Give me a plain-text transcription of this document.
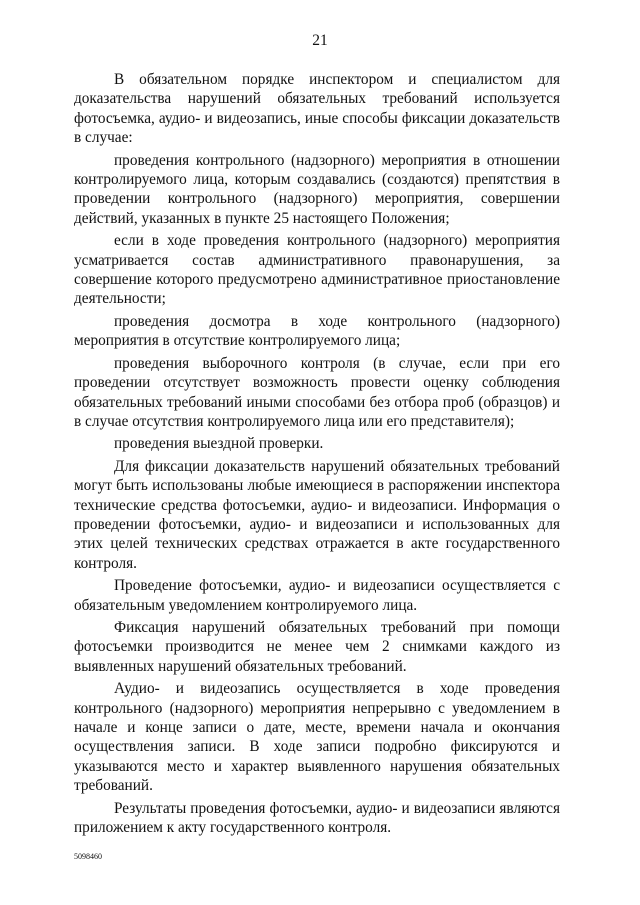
21

В обязательном порядке инспектором и специалистом для доказательства нарушений обязательных требований используется фотосъемка, аудио- и видеозапись, иные способы фиксации доказательств в случае:

проведения контрольного (надзорного) мероприятия в отношении контролируемого лица, которым создавались (создаются) препятствия в проведении контрольного (надзорного) мероприятия, совершении действий, указанных в пункте 25 настоящего Положения;

если в ходе проведения контрольного (надзорного) мероприятия усматривается состав административного правонарушения, за совершение которого предусмотрено административное приостановление деятельности;

проведения досмотра в ходе контрольного (надзорного) мероприятия в отсутствие контролируемого лица;

проведения выборочного контроля (в случае, если при его проведении отсутствует возможность провести оценку соблюдения обязательных требований иными способами без отбора проб (образцов) и в случае отсутствия контролируемого лица или его представителя);

проведения выездной проверки.

Для фиксации доказательств нарушений обязательных требований могут быть использованы любые имеющиеся в распоряжении инспектора технические средства фотосъемки, аудио- и видеозаписи. Информация о проведении фотосъемки, аудио- и видеозаписи и использованных для этих целей технических средствах отражается в акте государственного контроля.

Проведение фотосъемки, аудио- и видеозаписи осуществляется с обязательным уведомлением контролируемого лица.

Фиксация нарушений обязательных требований при помощи фотосъемки производится не менее чем 2 снимками каждого из выявленных нарушений обязательных требований.

Аудио- и видеозапись осуществляется в ходе проведения контрольного (надзорного) мероприятия непрерывно с уведомлением в начале и конце записи о дате, месте, времени начала и окончания осуществления записи. В ходе записи подробно фиксируются и указываются место и характер выявленного нарушения обязательных требований.

Результаты проведения фотосъемки, аудио- и видеозаписи являются приложением к акту государственного контроля.

5098460
